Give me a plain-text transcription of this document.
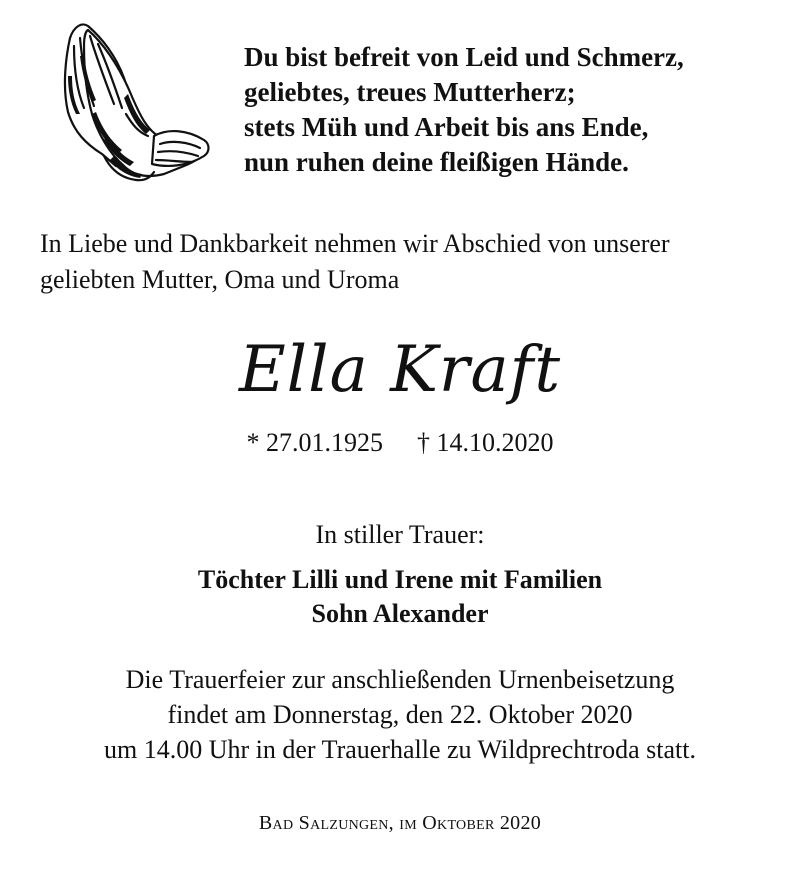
Du bist befreit von Leid und Schmerz,
geliebtes, treues Mutterherz;
stets Müh und Arbeit bis ans Ende,
nun ruhen deine fleißigen Hände.
In Liebe und Dankbarkeit nehmen wir Abschied von unserer
geliebten Mutter, Oma und Uroma
Ella Kraft
* 27.01.1925 † 14.10.2020
In stiller Trauer:
Töchter Lilli und Irene mit Familien
Sohn Alexander
Die Trauerfeier zur anschließenden Urnenbeisetzung
findet am Donnerstag, den 22. Oktober 2020
um 14.00 Uhr in der Trauerhalle zu Wildprechtroda statt.
Bad Salzungen, im Oktober 2020
